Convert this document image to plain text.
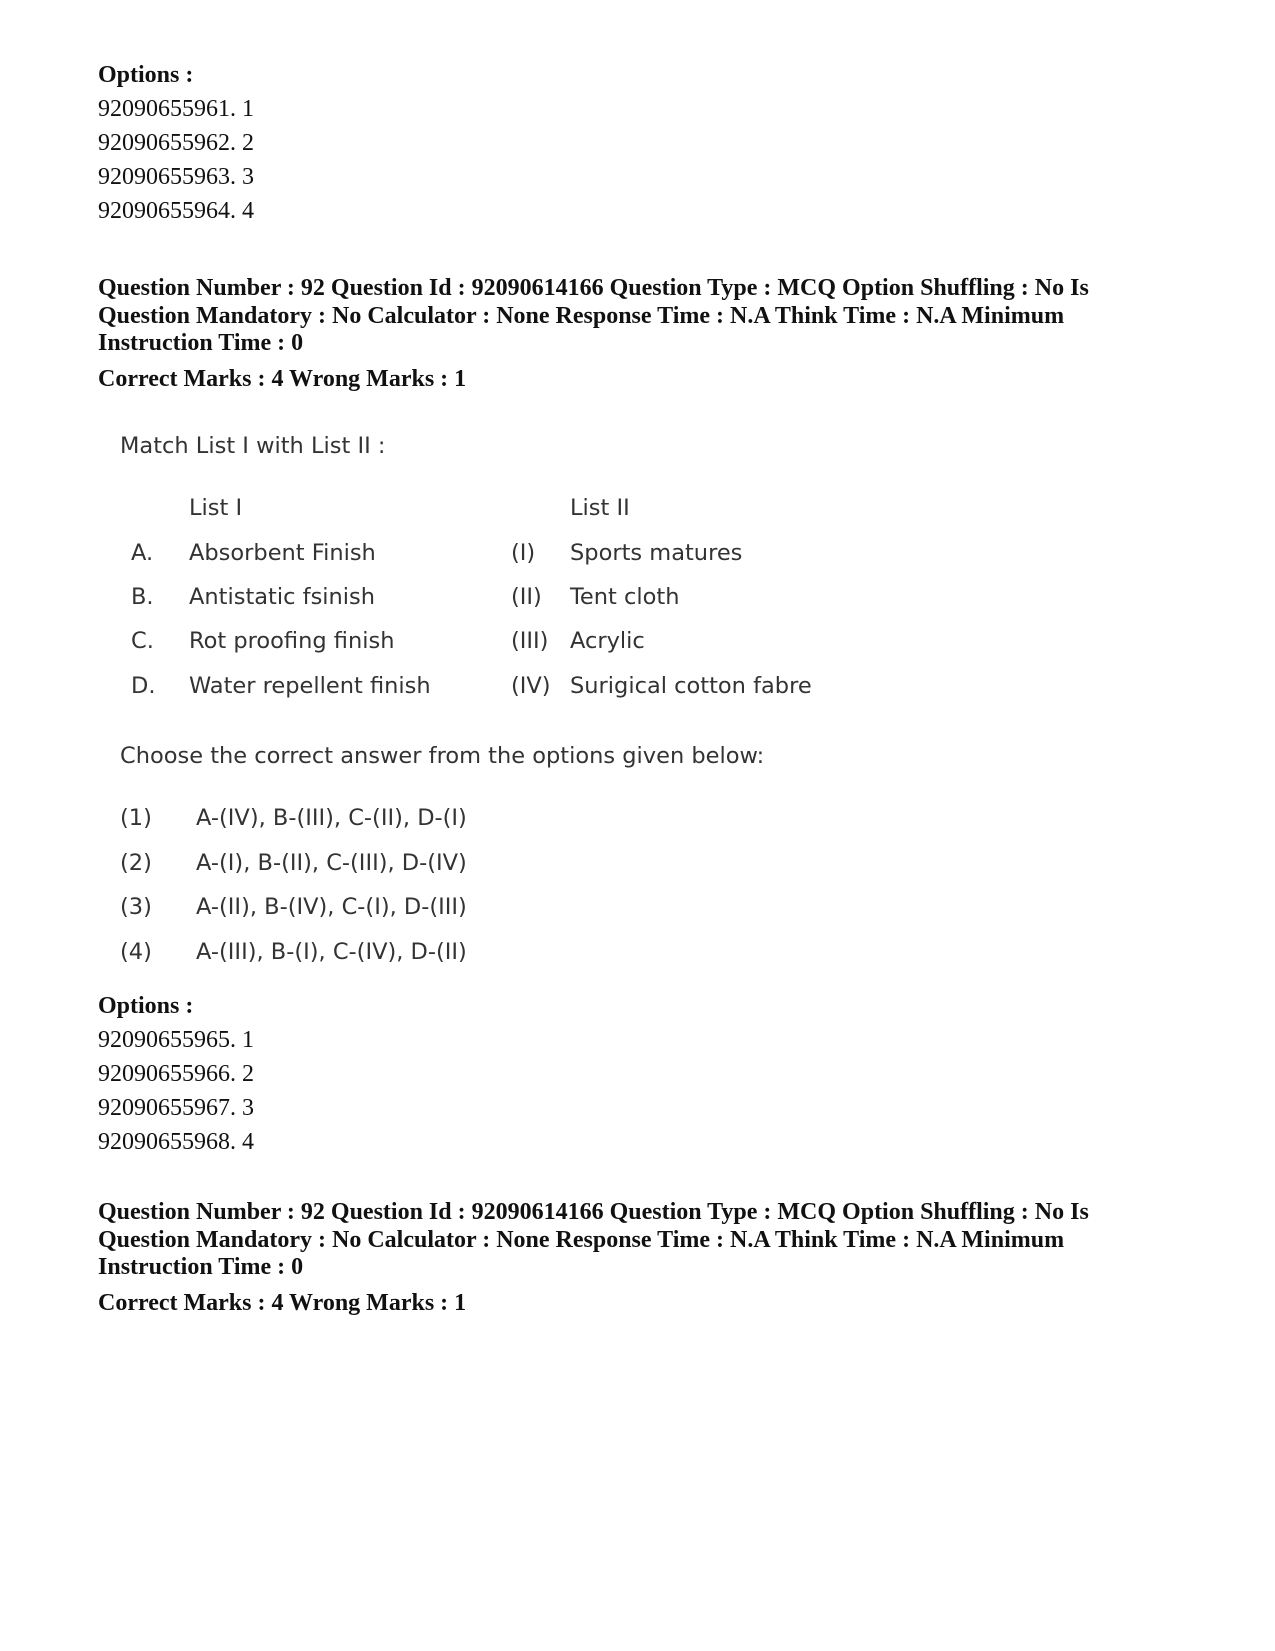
Options :
92090655961. 1
92090655962. 2
92090655963. 3
92090655964. 4
Question Number : 92 Question Id : 92090614166 Question Type : MCQ Option Shuffling : No Is Question Mandatory : No Calculator : None Response Time : N.A Think Time : N.A Minimum Instruction Time : 0
Correct Marks : 4 Wrong Marks : 1
Match List I with List II :
List I	List II
A. Absorbent Finish	(I) Sports matures
B. Antistatic fsinish	(II) Tent cloth
C. Rot proofing finish	(III) Acrylic
D. Water repellent finish	(IV) Surigical cotton fabre
Choose the correct answer from the options given below:
(1) A-(IV), B-(III), C-(II), D-(I)
(2) A-(I), B-(II), C-(III), D-(IV)
(3) A-(II), B-(IV), C-(I), D-(III)
(4) A-(III), B-(I), C-(IV), D-(II)
Options :
92090655965. 1
92090655966. 2
92090655967. 3
92090655968. 4
Question Number : 92 Question Id : 92090614166 Question Type : MCQ Option Shuffling : No Is Question Mandatory : No Calculator : None Response Time : N.A Think Time : N.A Minimum Instruction Time : 0
Correct Marks : 4 Wrong Marks : 1
